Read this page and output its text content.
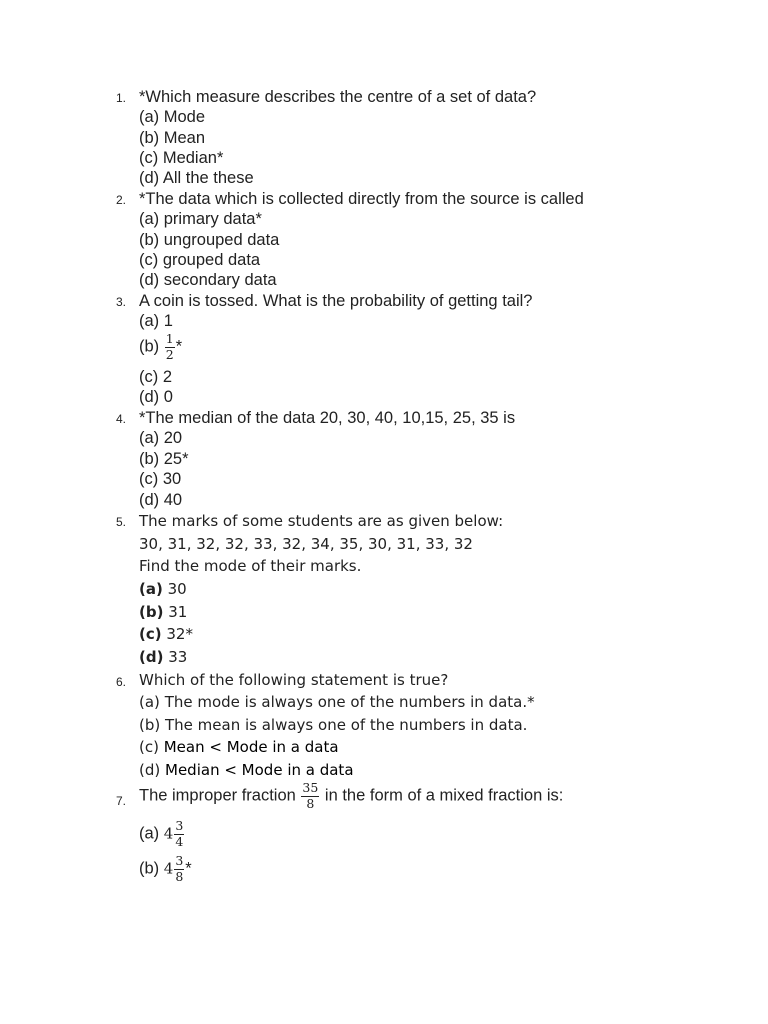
1. *Which measure describes the centre of a set of data?
(a) Mode
(b) Mean
(c) Median*
(d) All the these
2. *The data which is collected directly from the source is called
(a) primary data*
(b) ungrouped data
(c) grouped data
(d) secondary data
3. A coin is tossed. What is the probability of getting tail?
(a) 1
$(b) \frac{1}{2}$ *
(c) 2
(d) 0
4. *The median of the data 20, 30, 40, 10,15, 25, 35 is
(a) 20
(b) 25*
(c) 30
(d) 40
5. The marks of some students are as given below:
30, 31, 32, 32, 33, 32, 34, 35, 30, 31, 33, 32
Find the mode of their marks.
(a) 30
(b) 31
(c) 32*
(d) 33
6. Which of the following statement is true?
(a) The mode is always one of the numbers in data.*
(b) The mean is always one of the numbers in data.
(c) Mean < Mode in a data
(d) Median < Mode in a data
7. The improper fraction $\frac{35}{8}$ in the form of a mixed fraction is:
(a) $4 \frac{3}{4}$
(b) $4 \frac{3}{8}$ *
